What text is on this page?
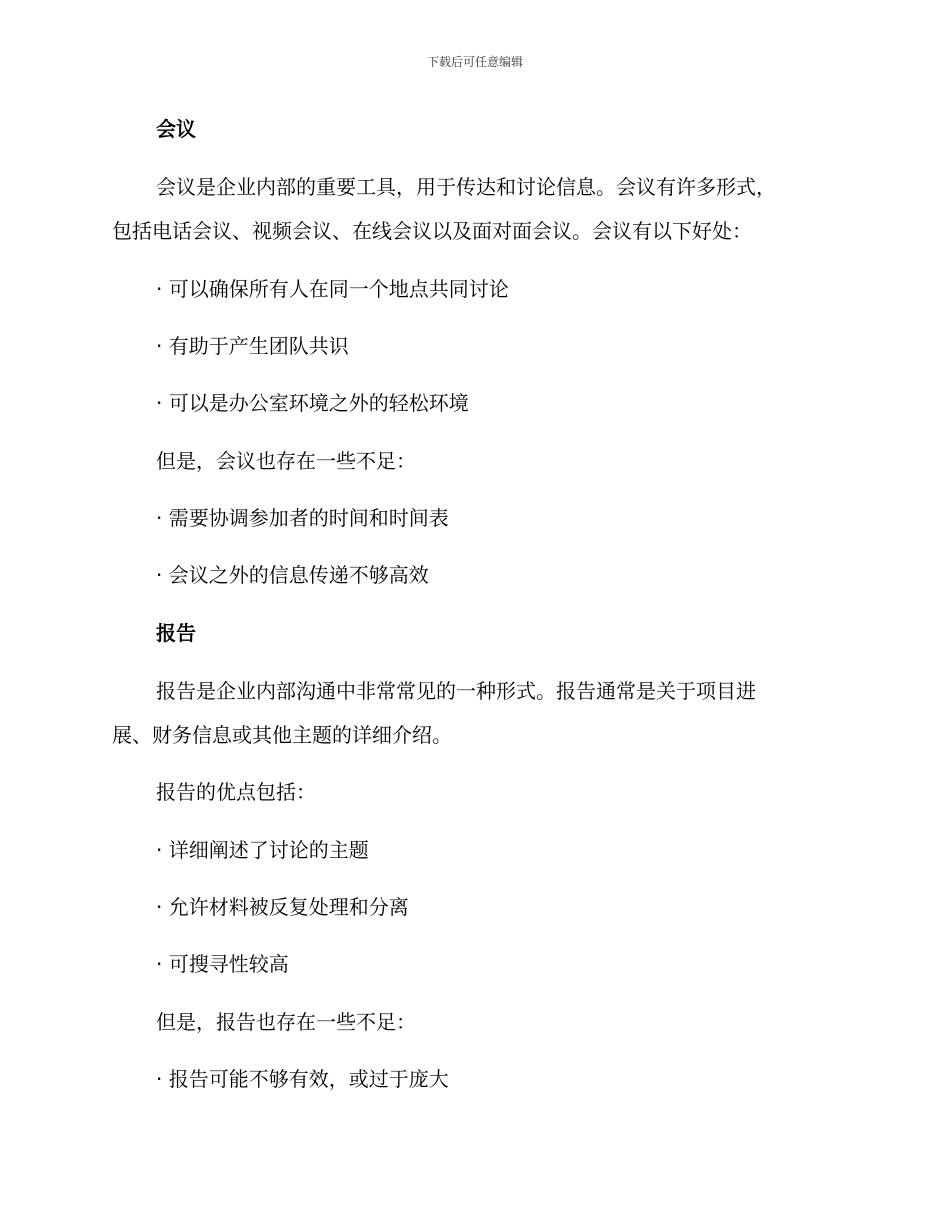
下载后可任意编辑
会议
会议是企业内部的重要工具，用于传达和讨论信息。会议有许多形式，
包括电话会议、视频会议、在线会议以及面对面会议。会议有以下好处：
· 可以确保所有人在同一个地点共同讨论
· 有助于产生团队共识
· 可以是办公室环境之外的轻松环境
但是，会议也存在一些不足：
· 需要协调参加者的时间和时间表
· 会议之外的信息传递不够高效
报告
报告是企业内部沟通中非常常见的一种形式。报告通常是关于项目进
展、财务信息或其他主题的详细介绍。
报告的优点包括：
· 详细阐述了讨论的主题
· 允许材料被反复处理和分离
· 可搜寻性较高
但是，报告也存在一些不足：
· 报告可能不够有效，或过于庞大
